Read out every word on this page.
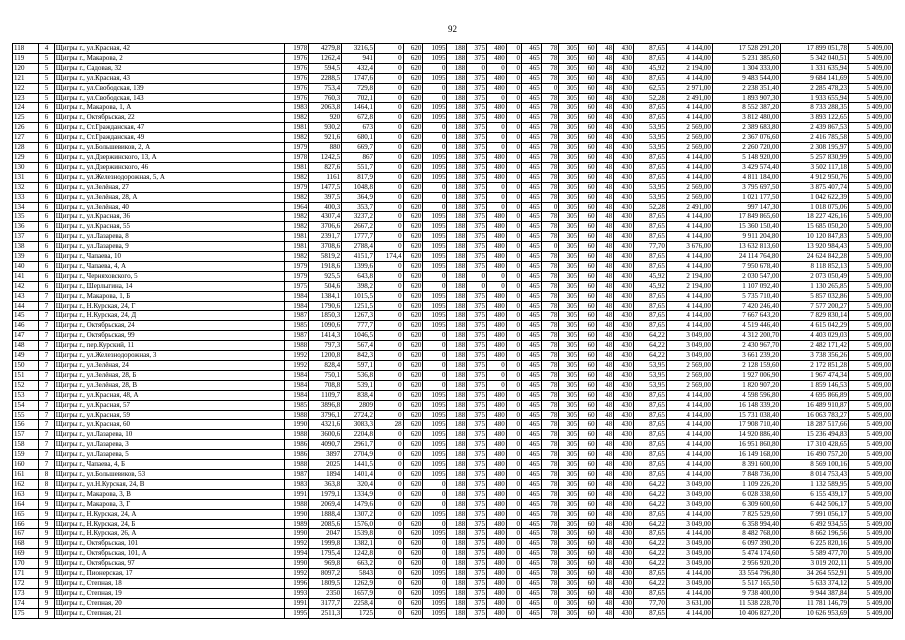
92
118	4	Щигры г., ул.Красная, 42	1978	4279,8	3216,5	0	620	1095	188	375	480	0	465	78	305	60	48	430	87,65	4 144,00	17 528 291,20	17 899 051,78	5 409,00
119	5	Щигры г., Макарова, 2	1976	1262,4	941	0	620	1095	188	375	480	0	465	78	305	60	48	430	87,65	4 144,00	5 231 385,60	5 342 040,51	5 409,00
120	5	Щигры г., Садовая, 32	1976	594,5	432,4	0	620	0	188	0	0	0	465	78	305	60	48	430	45,92	2 194,00	1 304 333,00	1 331 635,94	5 409,00
121	5	Щигры г., ул.Красная, 43	1976	2288,5	1747,6	0	620	1095	188	375	480	0	465	78	305	60	48	430	87,65	4 144,00	9 483 544,00	9 684 141,69	5 409,00
122	5	Щигры г., ул.Свободская, 139	1976	753,4	729,8	0	620	0	188	375	480	0	465	0	305	60	48	430	62,55	2 971,00	2 238 351,40	2 285 478,23	5 409,00
123	5	Щигры г., ул.Свободская, 143	1976	760,3	702,1	0	620	0	188	375	0	0	465	78	305	60	48	430	52,28	2 491,00	1 893 907,30	1 933 655,94	5 409,00
124	6	Щигры г., Макарова, 1, А	1983	2063,8	1464,1	0	620	1095	188	375	480	0	465	78	305	60	48	430	87,65	4 144,00	8 552 387,20	8 733 288,35	5 409,00
125	6	Щигры г., Октябрьская, 22	1982	920	672,8	0	620	1095	188	375	480	0	465	78	305	60	48	430	87,65	4 144,00	3 812 480,00	3 893 122,65	5 409,00
126	6	Щигры г., Ст.Гражданская, 47	1981	930,2	673	0	620	0	188	375	0	0	465	78	305	60	48	430	53,95	2 569,00	2 389 683,80	2 439 867,53	5 409,00
127	6	Щигры г., Ст.Гражданская, 49	1982	921,6	680,1	0	620	0	188	375	0	0	465	78	305	60	48	430	53,95	2 569,00	2 367 076,60	2 416 785,58	5 409,00
128	6	Щигры г., ул.Большевиков, 2, А	1979	880	669,7	0	620	0	188	375	0	0	465	78	305	60	48	430	53,95	2 569,00	2 260 720,00	2 308 195,97	5 409,00
129	6	Щигры г., ул.Дзержинского, 13, А	1978	1242,5	867	0	620	1095	188	375	480	0	465	78	305	60	48	430	87,65	4 144,00	5 148 920,00	5 257 830,99	5 409,00
130	6	Щигры г., ул.Дзержинского, 46	1981	827,6	551,7	0	620	1095	188	375	480	0	465	78	305	60	48	430	87,65	4 144,00	3 429 574,40	3 502 117,18	5 409,00
131	6	Щигры г., ул.Железнодорожная, 5, А	1982	1161	817,9	0	620	1095	188	375	480	0	465	78	305	60	48	430	87,65	4 144,00	4 811 184,00	4 912 950,76	5 409,00
132	6	Щигры г., ул.Зелёная, 27	1979	1477,5	1048,8	0	620	0	188	375	0	0	465	78	305	60	48	430	53,95	2 569,00	3 795 697,50	3 875 407,74	5 409,00
133	6	Щигры г., ул.Зелёная, 28, А	1982	397,5	364,9	0	620	0	188	375	0	0	465	78	305	60	48	430	53,95	2 569,00	1 021 177,50	1 042 622,39	5 409,00
134	6	Щигры г., ул.Зелёная, 40	1964	400,3	353,7	0	620	0	188	375	0	0	465	0	305	60	48	430	52,28	2 491,00	997 147,30	1 018 075,06	5 409,00
135	6	Щигры г., ул.Красная, 36	1982	4307,4	3237,2	0	620	1095	188	375	480	0	465	78	305	60	48	430	87,65	4 144,00	17 849 865,60	18 227 426,16	5 409,00
136	6	Щигры г., ул.Красная, 55	1982	3706,6	2667,2	0	620	1095	188	375	480	0	465	78	305	60	48	430	87,65	4 144,00	15 360 150,40	15 685 050,20	5 409,00
137	6	Щигры г., ул.Лазарева, 8	1981	2391,7	1777,7	0	620	1095	188	375	480	0	465	78	305	60	48	430	87,65	4 144,00	9 911 204,80	10 120 847,83	5 409,00
138	6	Щигры г., ул.Лазарева, 9	1981	3708,6	2788,4	0	620	1095	188	375	480	0	465	0	305	60	48	430	77,70	3 676,00	13 632 813,60	13 920 984,43	5 409,00
139	6	Щигры г., Чапаева, 10	1982	5819,2	4151,7	174,4	620	1095	188	375	480	0	465	78	305	60	48	430	87,65	4 144,00	24 114 764,80	24 624 842,28	5 409,00
140	6	Щигры г., Чапаева, 4, А	1979	1918,6	1399,6	0	620	1095	188	375	480	0	465	78	305	60	48	430	87,65	4 144,00	7 950 678,40	8 118 852,13	5 409,00
141	6	Щигры г., Черняховского, 5	1979	925,5	643,8	0	620	0	188	0	0	0	465	78	305	60	48	430	45,92	2 194,00	2 030 547,00	2 073 050,49	5 409,00
142	6	Щигры г., Шерлыгина, 14	1975	504,6	398,2	0	620	0	188	0	0	0	465	78	305	60	48	430	45,92	2 194,00	1 107 092,40	1 130 265,85	5 409,00
143	7	Щигры г., Макарова, 1, Б	1984	1384,1	1015,5	0	620	1095	188	375	480	0	465	78	305	60	48	430	87,65	4 144,00	5 735 710,40	5 857 032,86	5 409,00
144	7	Щигры г., Н.Курская, 24, Г	1984	1790,6	1251,5	0	620	1095	188	375	480	0	465	78	305	60	48	430	87,65	4 144,00	7 420 246,40	7 577 200,27	5 409,00
145	7	Щигры г., Н.Курская, 24, Д	1987	1850,3	1267,3	0	620	1095	188	375	480	0	465	78	305	60	48	430	87,65	4 144,00	7 667 643,20	7 829 830,14	5 409,00
146	7	Щигры г., Октябрьская, 24	1985	1090,6	777,7	0	620	1095	188	375	480	0	465	78	305	60	48	430	87,65	4 144,00	4 519 446,40	4 615 042,29	5 409,00
147	7	Щигры г., Октябрьская, 99	1987	1414,3	1046,5	0	620	0	188	375	480	0	465	78	305	60	48	430	64,22	3 049,00	4 312 200,70	4 403 029,03	5 409,00
148	7	Щигры г., пер.Курский, 11	1988	797,3	567,4	0	620	0	188	375	480	0	465	78	305	60	48	430	64,22	3 049,00	2 430 967,70	2 482 171,42	5 409,00
149	7	Щигры г., ул.Железнодорожная, 3	1992	1200,8	842,3	0	620	0	188	375	480	0	465	78	305	60	48	430	64,22	3 049,00	3 661 239,20	3 738 356,26	5 409,00
150	7	Щигры г., ул.Зелёная, 24	1992	828,4	597,1	0	620	0	188	375	0	0	465	78	305	60	48	430	53,95	2 569,00	2 128 159,60	2 172 851,28	5 409,00
151	7	Щигры г., ул.Зелёная, 28, Б	1984	750,1	536,8	0	620	0	188	375	0	0	465	78	305	60	48	430	53,95	2 569,00	1 927 006,90	1 967 474,34	5 409,00
152	7	Щигры г., ул.Зелёная, 28, В	1984	708,8	539,1	0	620	0	188	375	0	0	465	78	305	60	48	430	53,95	2 569,00	1 820 907,20	1 859 146,53	5 409,00
153	7	Щигры г., ул.Красная, 48, А	1984	1109,7	838,4	0	620	1095	188	375	480	0	465	78	305	60	48	430	87,65	4 144,00	4 598 596,80	4 695 866,89	5 409,00
154	7	Щигры г., ул.Красная, 57	1985	3896,8	2809	0	620	1095	188	375	480	0	465	78	305	60	48	430	87,65	4 144,00	16 148 339,20	16 489 910,87	5 409,00
155	7	Щигры г., ул.Красная, 59	1988	3796,1	2724,2	0	620	1095	188	375	480	0	465	78	305	60	48	430	87,65	4 144,00	15 731 038,40	16 063 783,27	5 409,00
156	7	Щигры г., ул.Красная, 60	1990	4321,6	3083,3	28	620	1095	188	375	480	0	465	78	305	60	48	430	87,65	4 144,00	17 908 710,40	18 287 517,66	5 409,00
157	7	Щигры г., ул.Лазарева, 10	1988	3600,6	2204,8	0	620	1095	188	375	480	0	465	78	305	60	48	430	87,65	4 144,00	14 920 886,40	15 236 494,83	5 409,00
158	7	Щигры г., ул.Лазарева, 3	1986	4090,7	2961,7	0	620	1095	188	375	480	0	465	78	305	60	48	430	87,65	4 144,00	16 951 860,80	17 310 428,65	5 409,00
159	7	Щигры г., ул.Лазарева, 5	1986	3897	2704,9	0	620	1095	188	375	480	0	465	78	305	60	48	430	87,65	4 144,00	16 149 168,00	16 490 757,20	5 409,00
160	7	Щигры г., Чапаева, 4, Б	1988	2025	1441,5	0	620	1095	188	375	480	0	465	78	305	60	48	430	87,65	4 144,00	8 391 600,00	8 569 100,16	5 409,00
161	8	Щигры г., ул.Большевиков, 53	1987	1894	1401,4	0	620	1095	188	375	480	0	465	78	305	60	48	430	87,65	4 144,00	7 848 736,00	8 014 753,43	5 409,00
162	8	Щигры г., ул.Н.Курская, 24, В	1983	363,8	320,4	0	620	0	188	375	480	0	465	78	305	60	48	430	64,22	3 049,00	1 109 226,20	1 132 589,95	5 409,00
163	9	Щигры г., Макарова, 3, В	1991	1979,1	1334,9	0	620	0	188	375	480	0	465	78	305	60	48	430	64,22	3 049,00	6 028 338,60	6 155 439,17	5 409,00
164	9	Щигры г., Макарова, 3, Г	1988	2069,4	1479,6	0	620	0	188	375	480	0	465	78	305	60	48	430	64,22	3 049,00	6 309 600,60	6 442 506,17	5 409,00
165	9	Щигры г., Н.Курская, 24, А	1990	1888,4	1307,2	0	620	1095	188	375	480	0	465	78	305	60	48	430	87,65	4 144,00	7 825 529,60	7 991 056,17	5 409,00
166	9	Щигры г., Н.Курская, 24, Б	1989	2085,6	1576,0	0	620	0	188	375	480	0	465	78	305	60	48	430	64,22	3 049,00	6 358 994,40	6 492 934,55	5 409,00
167	9	Щигры г., Н.Курская, 26, А	1990	2047	1539,8	0	620	1095	188	375	480	0	465	78	305	60	48	430	87,65	4 144,00	8 482 768,00	8 662 196,56	5 409,00
168	9	Щигры г., Октябрьская, 101	1992	1999,8	1382,1	0	620	0	188	375	480	0	465	78	305	60	48	430	64,22	3 049,00	6 097 390,20	6 225 820,16	5 409,00
169	9	Щигры г., Октябрьская, 101, А	1994	1795,4	1242,8	0	620	0	188	375	480	0	465	78	305	60	48	430	64,22	3 049,00	5 474 174,60	5 589 477,70	5 409,00
170	9	Щигры г., Октябрьская, 97	1990	969,8	663,2	0	620	0	188	375	480	0	465	78	305	60	48	430	64,22	3 049,00	2 956 920,20	3 019 202,11	5 409,00
171	9	Щигры г., Пионерская, 17	1992	8097,2	5843	0	620	1095	188	375	480	0	465	78	305	60	48	430	87,65	4 144,00	33 554 796,80	34 264 552,91	5 409,00
172	9	Щигры г., Степная, 18	1996	1809,5	1262,9	0	620	0	188	375	480	0	465	78	305	60	48	430	64,22	3 049,00	5 517 165,50	5 633 374,12	5 409,00
173	9	Щигры г., Степная, 19	1993	2350	1657,9	0	620	1095	188	375	480	0	465	78	305	60	48	430	87,65	4 144,00	9 738 400,00	9 944 387,84	5 409,00
174	9	Щигры г., Степная, 20	1991	3177,7	2258,4	0	620	1095	188	375	480	0	465	0	305	60	48	430	77,70	3 631,00	11 538 228,70	11 781 146,79	5 409,00
175	9	Щигры г., Степная, 21	1995	2511,3	1725	0	620	1095	188	375	480	0	465	78	305	60	48	430	87,65	4 144,00	10 406 827,20	10 626 953,69	5 409,00
